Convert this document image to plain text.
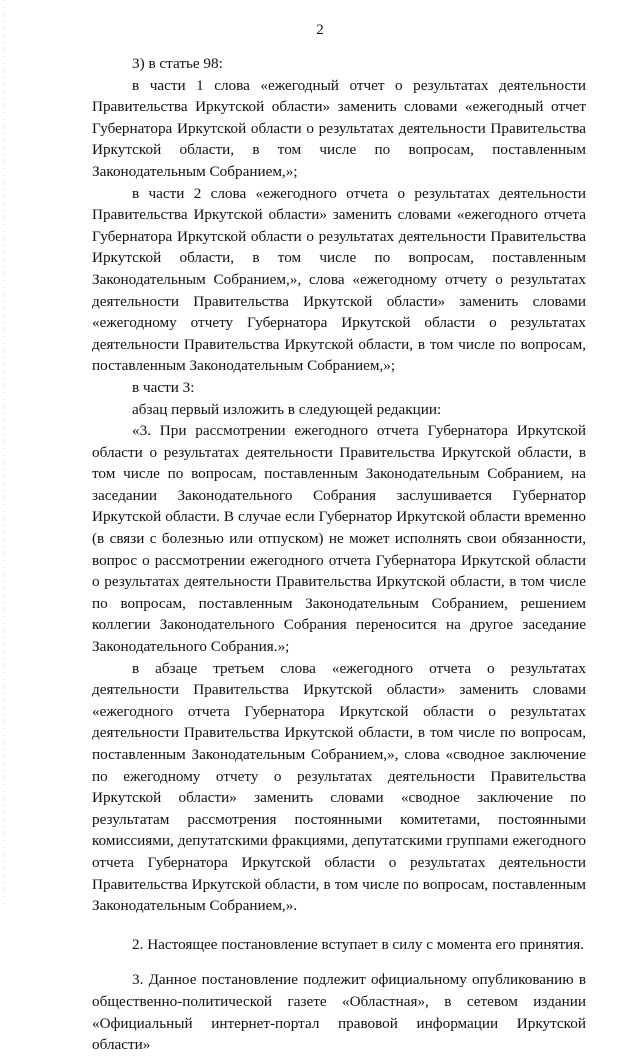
2

3) в статье 98:

в части 1 слова «ежегодный отчет о результатах деятельности Правительства Иркутской области» заменить словами «ежегодный отчет Губернатора Иркутской области о результатах деятельности Правительства Иркутской области, в том числе по вопросам, поставленным Законодательным Собранием,»;

в части 2 слова «ежегодного отчета о результатах деятельности Правительства Иркутской области» заменить словами «ежегодного отчета Губернатора Иркутской области о результатах деятельности Правительства Иркутской области, в том числе по вопросам, поставленным Законодательным Собранием,», слова «ежегодному отчету о результатах деятельности Правительства Иркутской области» заменить словами «ежегодному отчету Губернатора Иркутской области о результатах деятельности Правительства Иркутской области, в том числе по вопросам, поставленным Законодательным Собранием,»;

в части 3:

абзац первый изложить в следующей редакции:

«3. При рассмотрении ежегодного отчета Губернатора Иркутской области о результатах деятельности Правительства Иркутской области, в том числе по вопросам, поставленным Законодательным Собранием, на заседании Законодательного Собрания заслушивается Губернатор Иркутской области. В случае если Губернатор Иркутской области временно (в связи с болезнью или отпуском) не может исполнять свои обязанности, вопрос о рассмотрении ежегодного отчета Губернатора Иркутской области о результатах деятельности Правительства Иркутской области, в том числе по вопросам, поставленным Законодательным Собранием, решением коллегии Законодательного Собрания переносится на другое заседание Законодательного Собрания.»;

в абзаце третьем слова «ежегодного отчета о результатах деятельности Правительства Иркутской области» заменить словами «ежегодного отчета Губернатора Иркутской области о результатах деятельности Правительства Иркутской области, в том числе по вопросам, поставленным Законодательным Собранием,», слова «сводное заключение по ежегодному отчету о результатах деятельности Правительства Иркутской области» заменить словами «сводное заключение по результатам рассмотрения постоянными комитетами, постоянными комиссиями, депутатскими фракциями, депутатскими группами ежегодного отчета Губернатора Иркутской области о результатах деятельности Правительства Иркутской области, в том числе по вопросам, поставленным Законодательным Собранием,».

2. Настоящее постановление вступает в силу с момента его принятия.

3. Данное постановление подлежит официальному опубликованию в общественно-политической газете «Областная», в сетевом издании «Официальный интернет-портал правовой информации Иркутской области»
